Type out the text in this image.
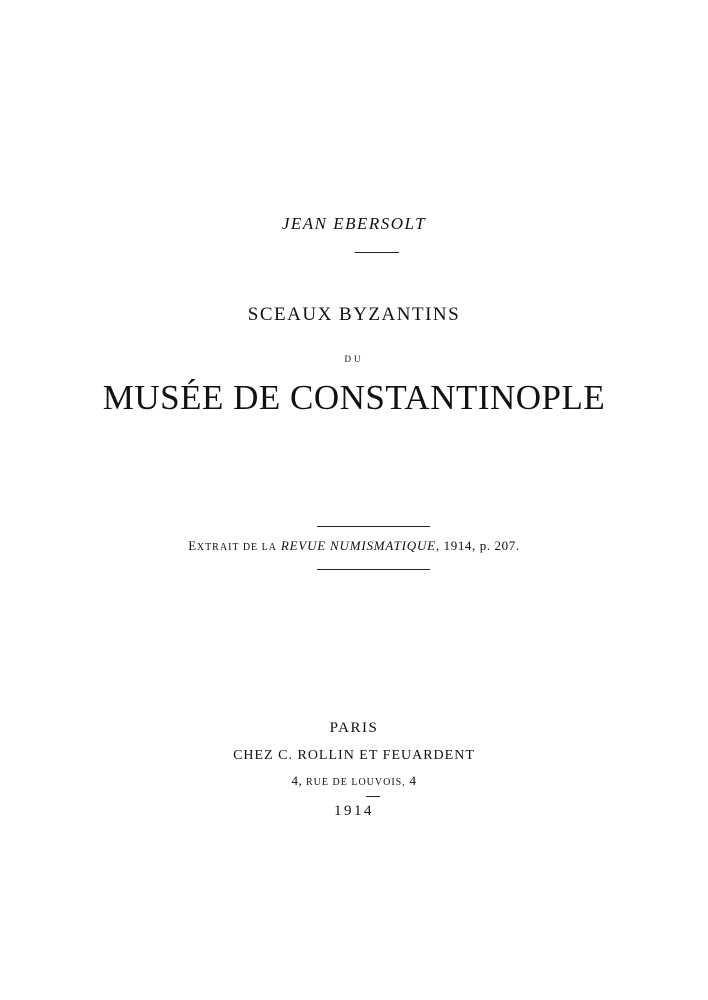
JEAN EBERSOLT
SCEAUX BYZANTINS
DU
MUSÉE DE CONSTANTINOPLE
EXTRAIT DE LA REVUE NUMISMATIQUE, 1914, p. 207.
PARIS
CHEZ C. ROLLIN ET FEUARDENT
4, RUE DE LOUVOIS, 4
1914
